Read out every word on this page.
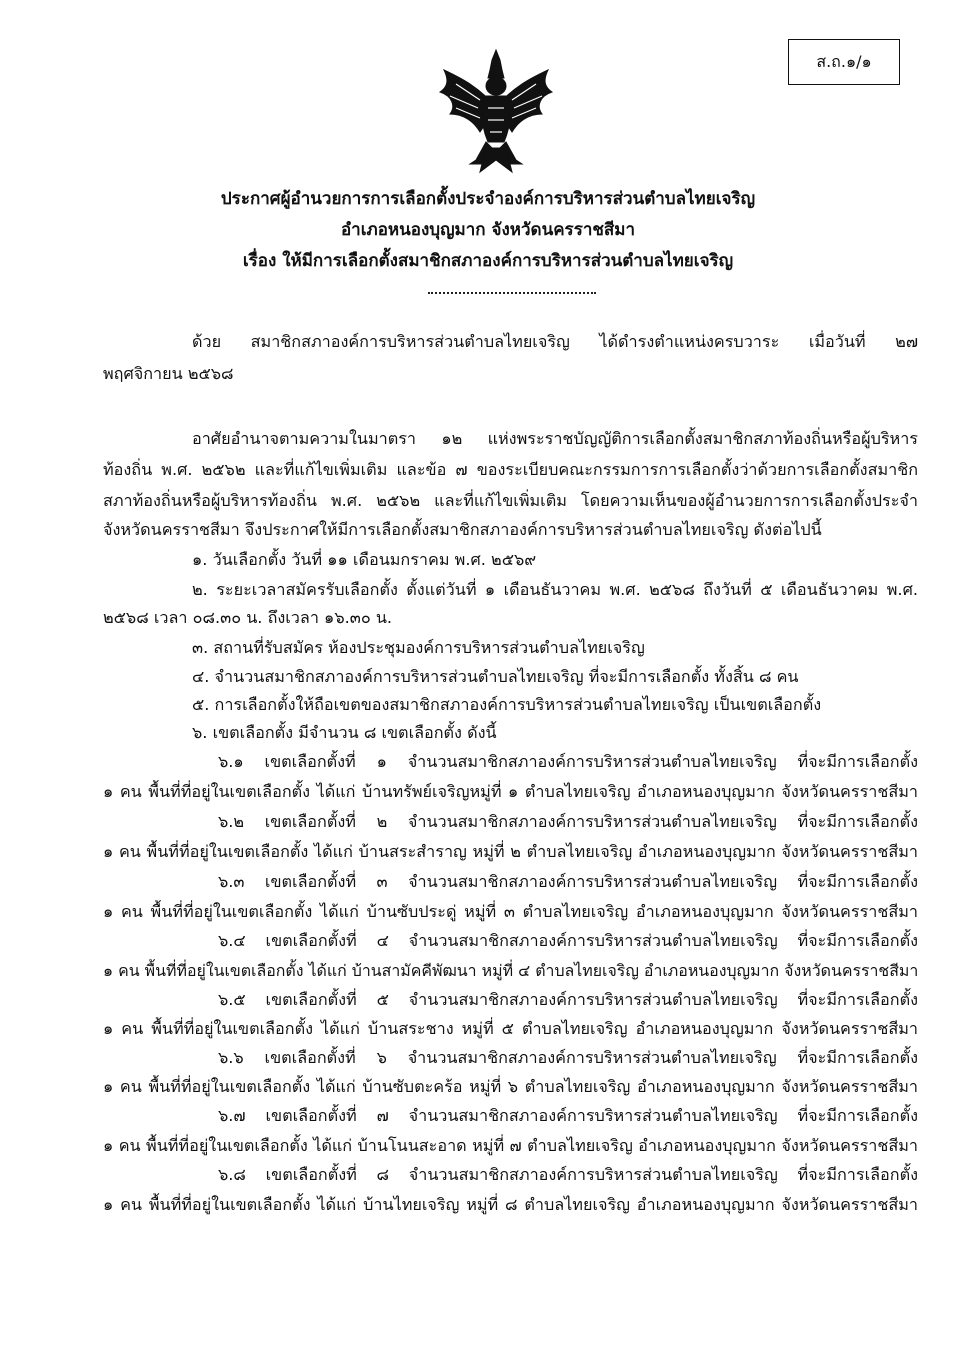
ส.ถ.๑/๑
ประกาศผู้อำนวยการการเลือกตั้งประจำองค์การบริหารส่วนตำบลไทยเจริญ
อำเภอหนองบุญมาก จังหวัดนครราชสีมา
เรื่อง ให้มีการเลือกตั้งสมาชิกสภาองค์การบริหารส่วนตำบลไทยเจริญ
ด้วย สมาชิกสภาองค์การบริหารส่วนตำบลไทยเจริญ ได้ดำรงตำแหน่งครบวาระ เมื่อวันที่ ๒๗
พฤศจิกายน ๒๕๖๘
อาศัยอำนาจตามความในมาตรา ๑๒ แห่งพระราชบัญญัติการเลือกตั้งสมาชิกสภาท้องถิ่นหรือผู้บริหาร
ท้องถิ่น พ.ศ. ๒๕๖๒ และที่แก้ไขเพิ่มเติม และข้อ ๗ ของระเบียบคณะกรรมการการเลือกตั้งว่าด้วยการเลือกตั้งสมาชิก
สภาท้องถิ่นหรือผู้บริหารท้องถิ่น พ.ศ. ๒๕๖๒ และที่แก้ไขเพิ่มเติม โดยความเห็นของผู้อำนวยการการเลือกตั้งประจำ
จังหวัดนครราชสีมา จึงประกาศให้มีการเลือกตั้งสมาชิกสภาองค์การบริหารส่วนตำบลไทยเจริญ ดังต่อไปนี้
๑. วันเลือกตั้ง วันที่ ๑๑ เดือนมกราคม พ.ศ. ๒๕๖๙
๒. ระยะเวลาสมัครรับเลือกตั้ง ตั้งแต่วันที่ ๑ เดือนธันวาคม พ.ศ. ๒๕๖๘ ถึงวันที่ ๕ เดือนธันวาคม พ.ศ.
๒๕๖๘ เวลา ๐๘.๓๐ น. ถึงเวลา ๑๖.๓๐ น.
๓. สถานที่รับสมัคร ห้องประชุมองค์การบริหารส่วนตำบลไทยเจริญ
๔. จำนวนสมาชิกสภาองค์การบริหารส่วนตำบลไทยเจริญ ที่จะมีการเลือกตั้ง ทั้งสิ้น ๘ คน
๕. การเลือกตั้งให้ถือเขตของสมาชิกสภาองค์การบริหารส่วนตำบลไทยเจริญ เป็นเขตเลือกตั้ง
๖. เขตเลือกตั้ง มีจำนวน ๘ เขตเลือกตั้ง ดังนี้
๖.๑ เขตเลือกตั้งที่ ๑ จำนวนสมาชิกสภาองค์การบริหารส่วนตำบลไทยเจริญ ที่จะมีการเลือกตั้ง
๑ คน พื้นที่ที่อยู่ในเขตเลือกตั้ง ได้แก่ บ้านทรัพย์เจริญหมู่ที่ ๑ ตำบลไทยเจริญ อำเภอหนองบุญมาก จังหวัดนครราชสีมา
๖.๒ เขตเลือกตั้งที่ ๒ จำนวนสมาชิกสภาองค์การบริหารส่วนตำบลไทยเจริญ ที่จะมีการเลือกตั้ง
๑ คน พื้นที่ที่อยู่ในเขตเลือกตั้ง ได้แก่ บ้านสระสำราญ หมู่ที่ ๒ ตำบลไทยเจริญ อำเภอหนองบุญมาก จังหวัดนครราชสีมา
๖.๓ เขตเลือกตั้งที่ ๓ จำนวนสมาชิกสภาองค์การบริหารส่วนตำบลไทยเจริญ ที่จะมีการเลือกตั้ง
๑ คน พื้นที่ที่อยู่ในเขตเลือกตั้ง ได้แก่ บ้านซับประดู่ หมู่ที่ ๓ ตำบลไทยเจริญ อำเภอหนองบุญมาก จังหวัดนครราชสีมา
๖.๔ เขตเลือกตั้งที่ ๔ จำนวนสมาชิกสภาองค์การบริหารส่วนตำบลไทยเจริญ ที่จะมีการเลือกตั้ง
๑ คน พื้นที่ที่อยู่ในเขตเลือกตั้ง ได้แก่ บ้านสามัคคีพัฒนา หมู่ที่ ๔ ตำบลไทยเจริญ อำเภอหนองบุญมาก จังหวัดนครราชสีมา
๖.๕ เขตเลือกตั้งที่ ๕ จำนวนสมาชิกสภาองค์การบริหารส่วนตำบลไทยเจริญ ที่จะมีการเลือกตั้ง
๑ คน พื้นที่ที่อยู่ในเขตเลือกตั้ง ได้แก่ บ้านสระชาง หมู่ที่ ๕ ตำบลไทยเจริญ อำเภอหนองบุญมาก จังหวัดนครราชสีมา
๖.๖ เขตเลือกตั้งที่ ๖ จำนวนสมาชิกสภาองค์การบริหารส่วนตำบลไทยเจริญ ที่จะมีการเลือกตั้ง
๑ คน พื้นที่ที่อยู่ในเขตเลือกตั้ง ได้แก่ บ้านซับตะคร้อ หมู่ที่ ๖ ตำบลไทยเจริญ อำเภอหนองบุญมาก จังหวัดนครราชสีมา
๖.๗ เขตเลือกตั้งที่ ๗ จำนวนสมาชิกสภาองค์การบริหารส่วนตำบลไทยเจริญ ที่จะมีการเลือกตั้ง
๑ คน พื้นที่ที่อยู่ในเขตเลือกตั้ง ได้แก่ บ้านโนนสะอาด หมู่ที่ ๗ ตำบลไทยเจริญ อำเภอหนองบุญมาก จังหวัดนครราชสีมา
๖.๘ เขตเลือกตั้งที่ ๘ จำนวนสมาชิกสภาองค์การบริหารส่วนตำบลไทยเจริญ ที่จะมีการเลือกตั้ง
๑ คน พื้นที่ที่อยู่ในเขตเลือกตั้ง ได้แก่ บ้านไทยเจริญ หมู่ที่ ๘ ตำบลไทยเจริญ อำเภอหนองบุญมาก จังหวัดนครราชสีมา
